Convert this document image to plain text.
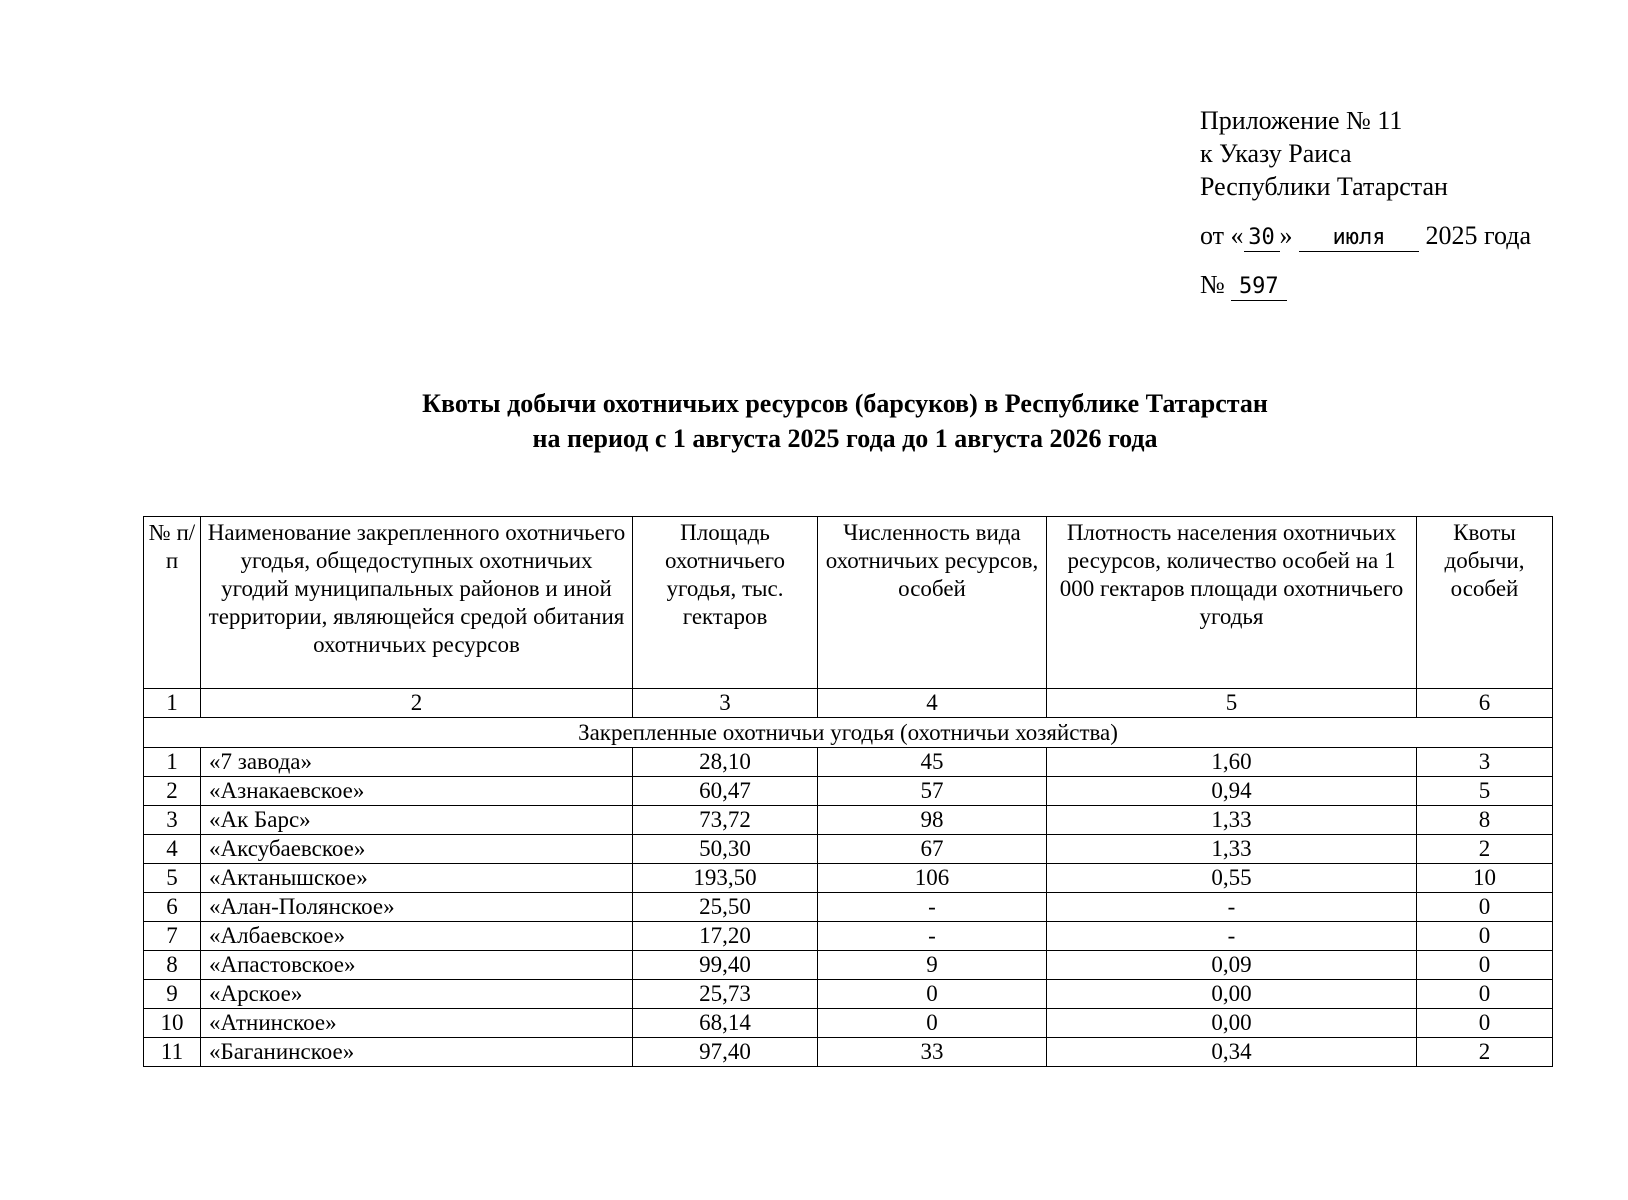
Приложение № 11
к Указу Раиса
Республики Татарстан
от « 30 » июля 2025 года
№ 597
Квоты добычи охотничьих ресурсов (барсуков) в Республике Татарстан
на период с 1 августа 2025 года до 1 августа 2026 года
№ п/п	Наименование закрепленного охотничьего угодья, общедоступных охотничьих угодий муниципальных районов и иной территории, являющейся средой обитания охотничьих ресурсов	Площадь охотничьего угодья, тыс. гектаров	Численность вида охотничьих ресурсов, особей	Плотность населения охотничьих ресурсов, количество особей на 1 000 гектаров площади охотничьего угодья	Квоты добычи, особей
1	2	3	4	5	6
Закрепленные охотничьи угодья (охотничьи хозяйства)					
1	«7 завода»	28,10	45	1,60	3
2	«Азнакаевское»	60,47	57	0,94	5
3	«Ак Барс»	73,72	98	1,33	8
4	«Аксубаевское»	50,30	67	1,33	2
5	«Актанышское»	193,50	106	0,55	10
6	«Алан-Полянское»	25,50	-	-	0
7	«Албаевское»	17,20	-	-	0
8	«Апастовское»	99,40	9	0,09	0
9	«Арское»	25,73	0	0,00	0
10	«Атнинское»	68,14	0	0,00	0
11	«Баганинское»	97,40	33	0,34	2
